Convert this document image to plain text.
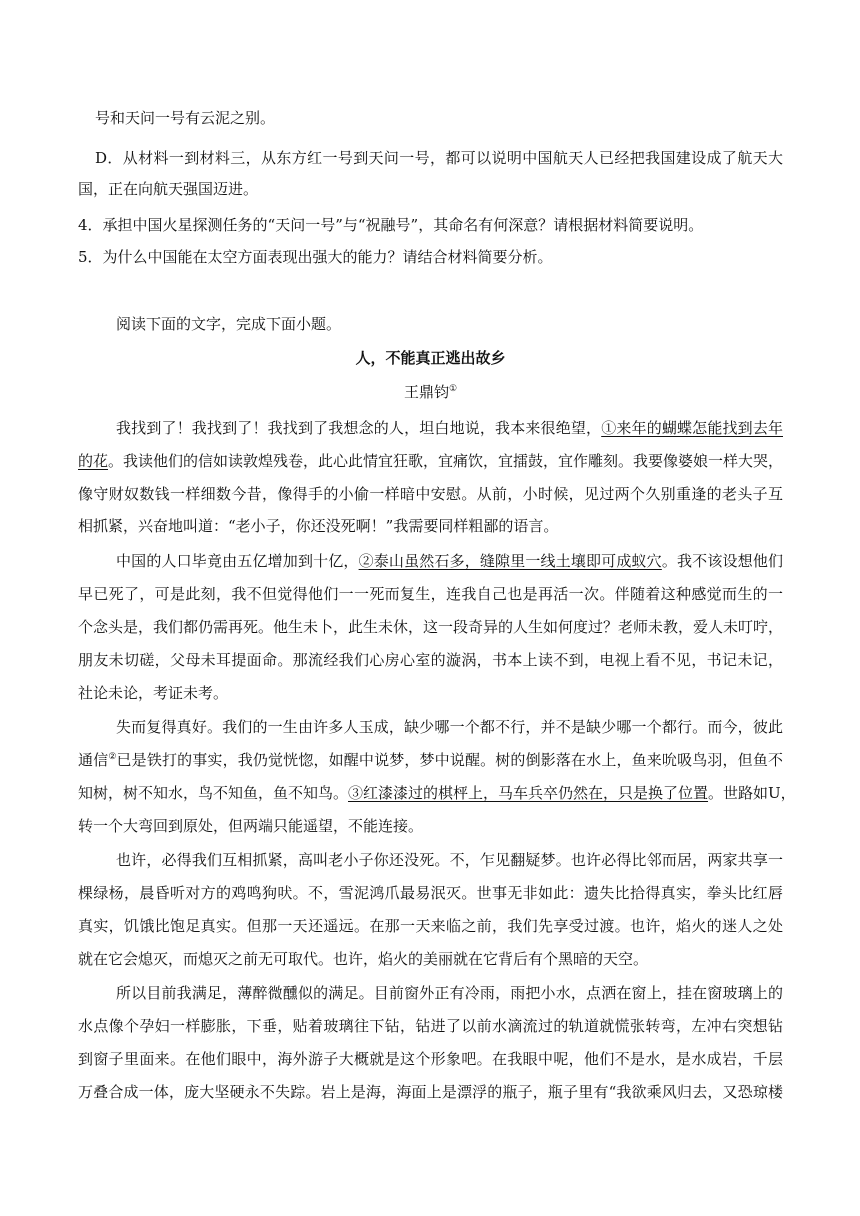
号和天问一号有云泥之别。
D．从材料一到材料三，从东方红一号到天问一号，都可以说明中国航天人已经把我国建设成了航天大
国，正在向航天强国迈进。
4．承担中国火星探测任务的“天问一号”与“祝融号”，其命名有何深意？请根据材料简要说明。
5．为什么中国能在太空方面表现出强大的能力？请结合材料简要分析。
阅读下面的文字，完成下面小题。
人，不能真正逃出故乡
王鼎钧①
我找到了！我找到了！我找到了我想念的人，坦白地说，我本来很绝望，①来年的蝴蝶怎能找到去年
的花。我读他们的信如读敦煌残卷，此心此情宜狂歌，宜痛饮，宜擂鼓，宜作雕刻。我要像婆娘一样大哭，
像守财奴数钱一样细数今昔，像得手的小偷一样暗中安慰。从前，小时候，见过两个久别重逢的老头子互
相抓紧，兴奋地叫道：“老小子，你还没死啊！”我需要同样粗鄙的语言。
中国的人口毕竟由五亿增加到十亿，②泰山虽然石多，缝隙里一线土壤即可成蚁穴。我不该设想他们
早已死了，可是此刻，我不但觉得他们一一死而复生，连我自己也是再活一次。伴随着这种感觉而生的一
个念头是，我们都仍需再死。他生未卜，此生未休，这一段奇异的人生如何度过？老师未教，爱人未叮咛，
朋友未切磋，父母未耳提面命。那流经我们心房心室的漩涡，书本上读不到，电视上看不见，书记未记，
社论未论，考证未考。
失而复得真好。我们的一生由许多人玉成，缺少哪一个都不行，并不是缺少哪一个都行。而今，彼此
通信②已是铁打的事实，我仍觉恍惚，如醒中说梦，梦中说醒。树的倒影落在水上，鱼来吮吸鸟羽，但鱼不
知树，树不知水，鸟不知鱼，鱼不知鸟。③红漆漆过的棋枰上，马车兵卒仍然在，只是换了位置。世路如U，
转一个大弯回到原处，但两端只能遥望，不能连接。
也许，必得我们互相抓紧，高叫老小子你还没死。不，乍见翻疑梦。也许必得比邻而居，两家共享一
棵绿杨，晨昏听对方的鸡鸣狗吠。不，雪泥鸿爪最易泯灭。世事无非如此：遗失比拾得真实，拳头比红唇
真实，饥饿比饱足真实。但那一天还遥远。在那一天来临之前，我们先享受过渡。也许，焰火的迷人之处
就在它会熄灭，而熄灭之前无可取代。也许，焰火的美丽就在它背后有个黑暗的天空。
所以目前我满足，薄醉微醺似的满足。目前窗外正有冷雨，雨把小水，点洒在窗上，挂在窗玻璃上的
水点像个孕妇一样膨胀，下垂，贴着玻璃往下钻，钻进了以前水滴流过的轨道就慌张转弯，左冲右突想钻
到窗子里面来。在他们眼中，海外游子大概就是这个形象吧。在我眼中呢，他们不是水，是水成岩，千层
万叠合成一体，庞大坚硬永不失踪。岩上是海，海面上是漂浮的瓶子，瓶子里有“我欲乘风归去，又恐琼楼
